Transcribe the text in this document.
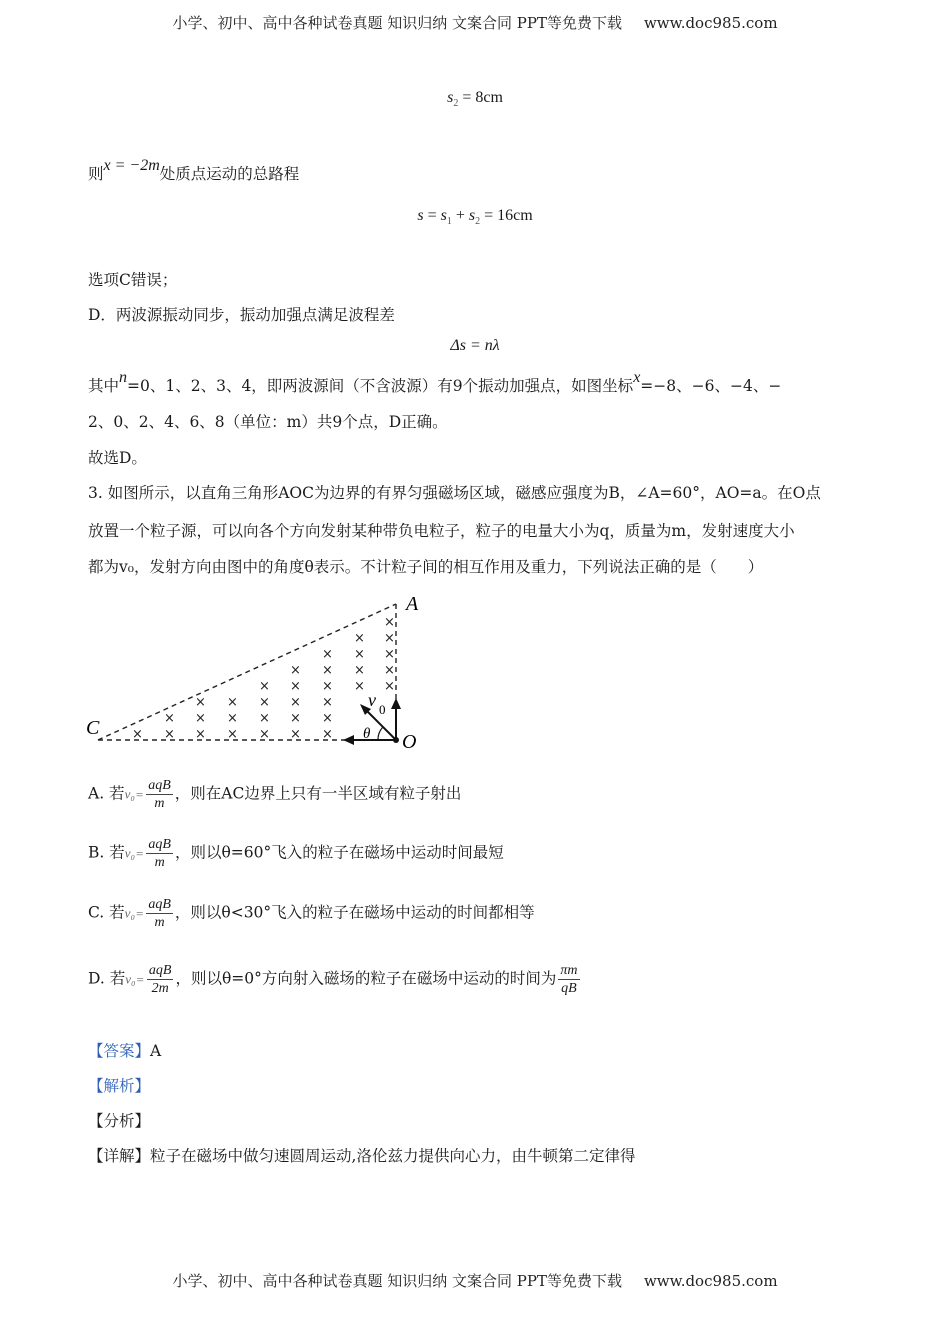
小学、初中、高中各种试卷真题 知识归纳 文案合同 PPT等免费下载 www.doc985.com
$s_2 = 8cm$
则x = −2m处质点运动的总路程
$s = s_1 + s_2 = 16cm$
选项C错误；
D．两波源振动同步，振动加强点满足波程差
Δs = nλ
其中n=0、1、2、3、4，即两波源间（不含波源）有9个振动加强点，如图坐标x=−8、−6、−4、−
2、0、2、4、6、8（单位：m）共9个点，D正确。
故选D。
3. 如图所示，以直角三角形AOC为边界的有界匀强磁场区域，磁感应强度为B，∠A=60°，AO=a。在O点
放置一个粒子源，可以向各个方向发射某种带负电粒子，粒子的电量大小为q，质量为m，发射速度大小
都为v₀，发射方向由图中的角度θ表示。不计粒子间的相互作用及重力，下列说法正确的是（　　）
× ×
×
×
×
×
×
×
×
×
×
×
×
×
×
×
×
×
×
×
×
×
×
×
×
×
×
×
×
×
×
×
×
A
C
O
v 0
θ
A. 若$v_0= \frac{\text{aqB}}{m}$ ，则在AC边界上只有一半区域有粒子射出
B. 若$v_0= \frac{\text{aqB}}{m}$ ，则以θ=60°飞入的粒子在磁场中运动时间最短
C. 若$v_0= \frac{\text{aqB}}{m}$ ，则以θ<30°飞入的粒子在磁场中运动的时间都相等
D. 若$v_0= \frac{\text{aqB}}{2m}$ ，则以θ=0°方向射入磁场的粒子在磁场中运动的时间为 $\frac{\pi m}{qB}$
【答案】A
【解析】
【分析】
【详解】粒子在磁场中做匀速圆周运动,洛伦兹力提供向心力，由牛顿第二定律得
小学、初中、高中各种试卷真题 知识归纳 文案合同 PPT等免费下载 www.doc985.com
